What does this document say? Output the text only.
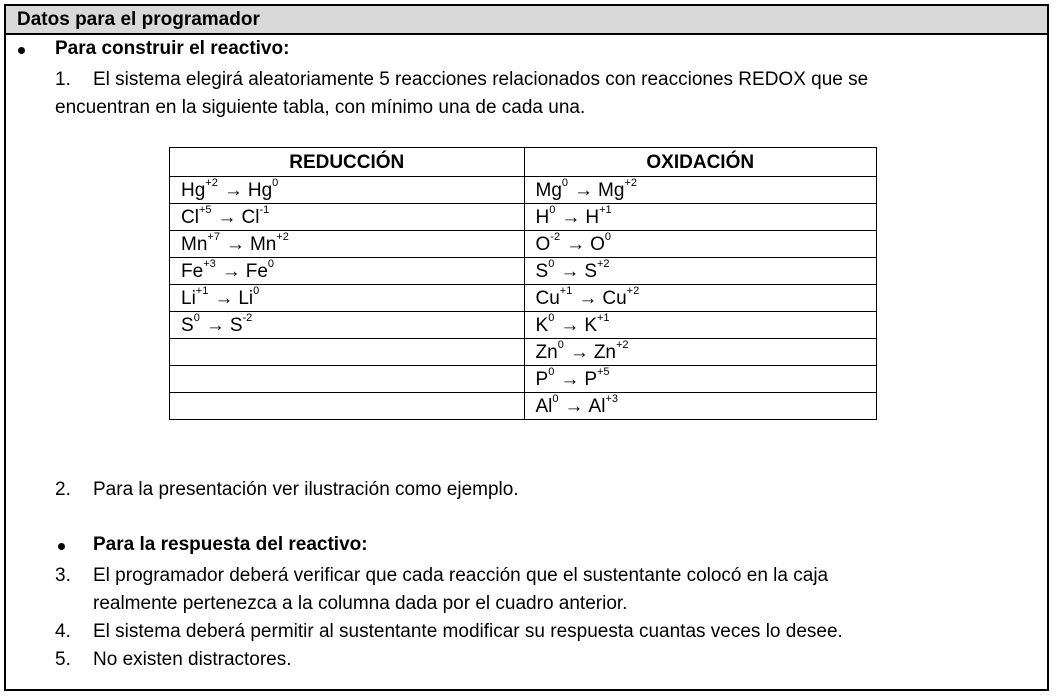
Datos para el programador
Para construir el reactivo:
1. El sistema elegirá aleatoriamente 5 reacciones relacionados con reacciones REDOX que se
encuentran en la siguiente tabla, con mínimo una de cada una.
REDUCCIÓN	OXIDACIÓN
$Hg^{+2} \to Hg^0$	$Mg^0 \to Mg^{+2}$
$Cl^{+5} \to Cl^{-1}$	$H^0 \to H^{+1}$
$Mn^{+7} \to Mn^{+2}$	$O^{-2} \to O^0$
$Fe^{+3} \to Fe^0$	$S^0 \to S^{+2}$
$Li^{+1} \to Li^0$	$Cu^{+1} \to Cu^{+2}$
$S^0 \to S^{-2}$	$K^0 \to K^{+1}$
	$Zn^0 \to Zn^{+2}$
	$P^0 \to P^{+5}$
	$Al^0 \to Al^{+3}$
2. Para la presentación ver ilustración como ejemplo.
Para la respuesta del reactivo:
3. El programador deberá verificar que cada reacción que el sustentante colocó en la caja
realmente pertenezca a la columna dada por el cuadro anterior.
4. El sistema deberá permitir al sustentante modificar su respuesta cuantas veces lo desee.
5. No existen distractores.
